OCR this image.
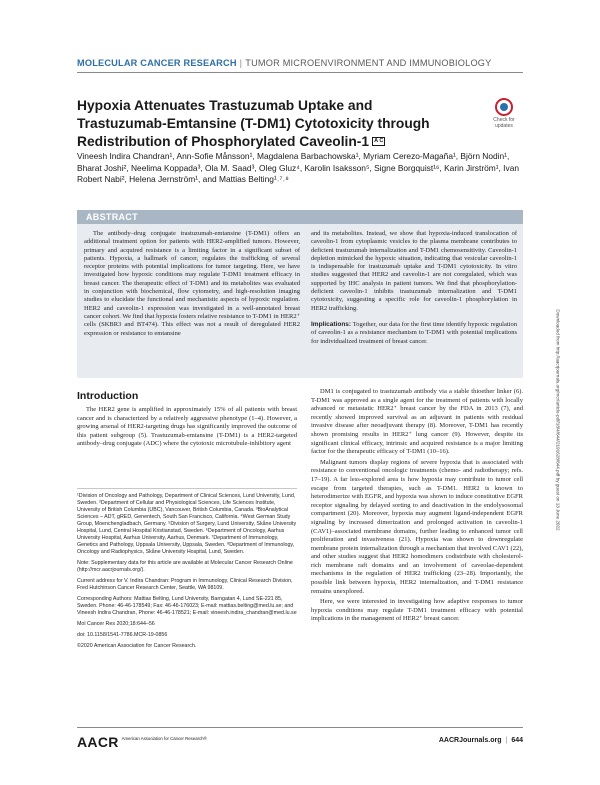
MOLECULAR CANCER RESEARCH | TUMOR MICROENVIRONMENT AND IMMUNOBIOLOGY
Hypoxia Attenuates Trastuzumab Uptake and Trastuzumab-Emtansine (T-DM1) Cytotoxicity through Redistribution of Phosphorylated Caveolin-1 A C
Check for updates
Vineesh Indira Chandran¹, Ann-Sofie Månsson¹, Magdalena Barbachowska¹, Myriam Cerezo-Magaña¹, Björn Nodin¹, Bharat Joshi², Neelima Koppada³, Ola M. Saad³, Oleg Gluz⁴, Karolin Isaksson⁵, Signe Borgquist¹⁶, Karin Jirström¹, Ivan Robert Nabi², Helena Jernström¹, and Mattias Belting¹˒⁷˒⁸
ABSTRACT
The antibody–drug conjugate trastuzumab-emtansine (T-DM1) offers an additional treatment option for patients with HER2-amplified tumors. However, primary and acquired resistance is a limiting factor in a significant subset of patients. Hypoxia, a hallmark of cancer, regulates the trafficking of several receptor proteins with potential implications for tumor targeting. Here, we have investigated how hypoxic conditions may regulate T-DM1 treatment efficacy in breast cancer. The therapeutic effect of T-DM1 and its metabolites was evaluated in conjunction with biochemical, flow cytometry, and high-resolution imaging studies to elucidate the functional and mechanistic aspects of hypoxic regulation. HER2 and caveolin-1 expression was investigated in a well-annotated breast cancer cohort. We find that hypoxia fosters relative resistance to T-DM1 in HER2⁺ cells (SKBR3 and BT474). This effect was not a result of deregulated HER2 expression or resistance to emtansine

and its metabolites. Instead, we show that hypoxia-induced translocation of caveolin-1 from cytoplasmic vesicles to the plasma membrane contributes to deficient trastuzumab internalization and T-DM1 chemosensitivity. Caveolin-1 depletion mimicked the hypoxic situation, indicating that vesicular caveolin-1 is indispensable for trastuzumab uptake and T-DM1 cytotoxicity. In vitro studies suggested that HER2 and caveolin-1 are not coregulated, which was supported by IHC analysis in patient tumors. We find that phosphorylation-deficient caveolin-1 inhibits trastuzumab internalization and T-DM1 cytotoxicity, suggesting a specific role for caveolin-1 phosphorylation in HER2 trafficking.

Implications: Together, our data for the first time identify hypoxic regulation of caveolin-1 as a resistance mechanism to T-DM1 with potential implications for individualized treatment of breast cancer.

Introduction

The HER2 gene is amplified in approximately 15% of all patients with breast cancer and is characterized by a relatively aggressive phenotype (1–4). However, a growing arsenal of HER2-targeting drugs has significantly improved the outcome of this patient subgroup (5). Trastuzumab-emtansine (T-DM1) is a HER2-targeted antibody–drug conjugate (ADC) where the cytotoxic microtubule-inhibitory agent

¹Division of Oncology and Pathology, Department of Clinical Sciences, Lund University, Lund, Sweden. ²Department of Cellular and Physiological Sciences, Life Sciences Institute, University of British Columbia (UBC), Vancouver, British Columbia, Canada. ³BioAnalytical Sciences – ADT, gRED, Genentech, South San Francisco, California. ⁴West German Study Group, Moenchengladbach, Germany. ⁵Division of Surgery, Lund University, Skåne University Hospital, Lund, Central Hospital Kristianstad, Sweden. ⁶Department of Oncology, Aarhus University Hospital, Aarhus University, Aarhus, Denmark. ⁷Department of Immunology, Genetics and Pathology, Uppsala University, Uppsala, Sweden. ⁸Department of Immunology, Oncology and Radiophysics, Skåne University Hospital, Lund, Sweden.

Note: Supplementary data for this article are available at Molecular Cancer Research Online (http://mcr.aacrjournals.org/).

Current address for V. Indira Chandran: Program in Immunology, Clinical Research Division, Fred Hutchinson Cancer Research Center, Seattle, WA 98109.

Corresponding Authors: Mattias Belting, Lund University, Barngatan 4, Lund SE-221 85, Sweden. Phone: 46-46-178549; Fax: 46-46-176023; E-mail: mattias.belting@med.lu.se; and Vineesh Indira Chandran, Phone: 46-46-178521; E-mail: vineesh.indira_chandran@med.lu.se

Mol Cancer Res 2020;18:644–56

doi: 10.1158/1541-7786.MCR-19-0856

©2020 American Association for Cancer Research.

DM1 is conjugated to trastuzumab antibody via a stable thioether linker (6). T-DM1 was approved as a single agent for the treatment of patients with locally advanced or metastatic HER2⁺ breast cancer by the FDA in 2013 (7), and recently showed improved survival as an adjuvant in patients with residual invasive disease after neoadjuvant therapy (8). Moreover, T-DM1 has recently shown promising results in HER2⁺ lung cancer (9). However, despite its significant clinical efficacy, intrinsic and acquired resistance is a major limiting factor for the therapeutic efficacy of T-DM1 (10–16).

Malignant tumors display regions of severe hypoxia that is associated with resistance to conventional oncologic treatments (chemo- and radiotherapy; refs. 17–19). A far less-explored area is how hypoxia may contribute to tumor cell escape from targeted therapies, such as T-DM1. HER2 is known to heterodimerize with EGFR, and hypoxia was shown to induce constitutive EGFR receptor signaling by delayed sorting to and deactivation in the endolysosomal compartment (20). Moreover, hypoxia may augment ligand-independent EGFR signaling by increased dimerization and prolonged activation in caveolin-1 (CAV1)–associated membrane domains, further leading to enhanced tumor cell proliferation and invasiveness (21). Hypoxia was shown to downregulate membrane protein internalization through a mechanism that involved CAV1 (22), and other studies suggest that HER2 homodimers codistribute with cholesterol-rich membrane raft domains and an involvement of caveolae-dependent mechanisms in the regulation of HER2 trafficking (23–28). Importantly, the possible link between hypoxia, HER2 internalization, and T-DM1 resistance remains unexplored.

Here, we were interested in investigating how adaptive responses to tumor hypoxia conditions may regulate T-DM1 treatment efficacy with potential implications in the management of HER2⁺ breast cancer.

Downloaded from http://aacrjournals.org/mcr/article-pdf/18/4/644/2191628/644.pdf by guest on 13 June 2022
AACR American Association for Cancer Research®	AACRJournals.org | 644
